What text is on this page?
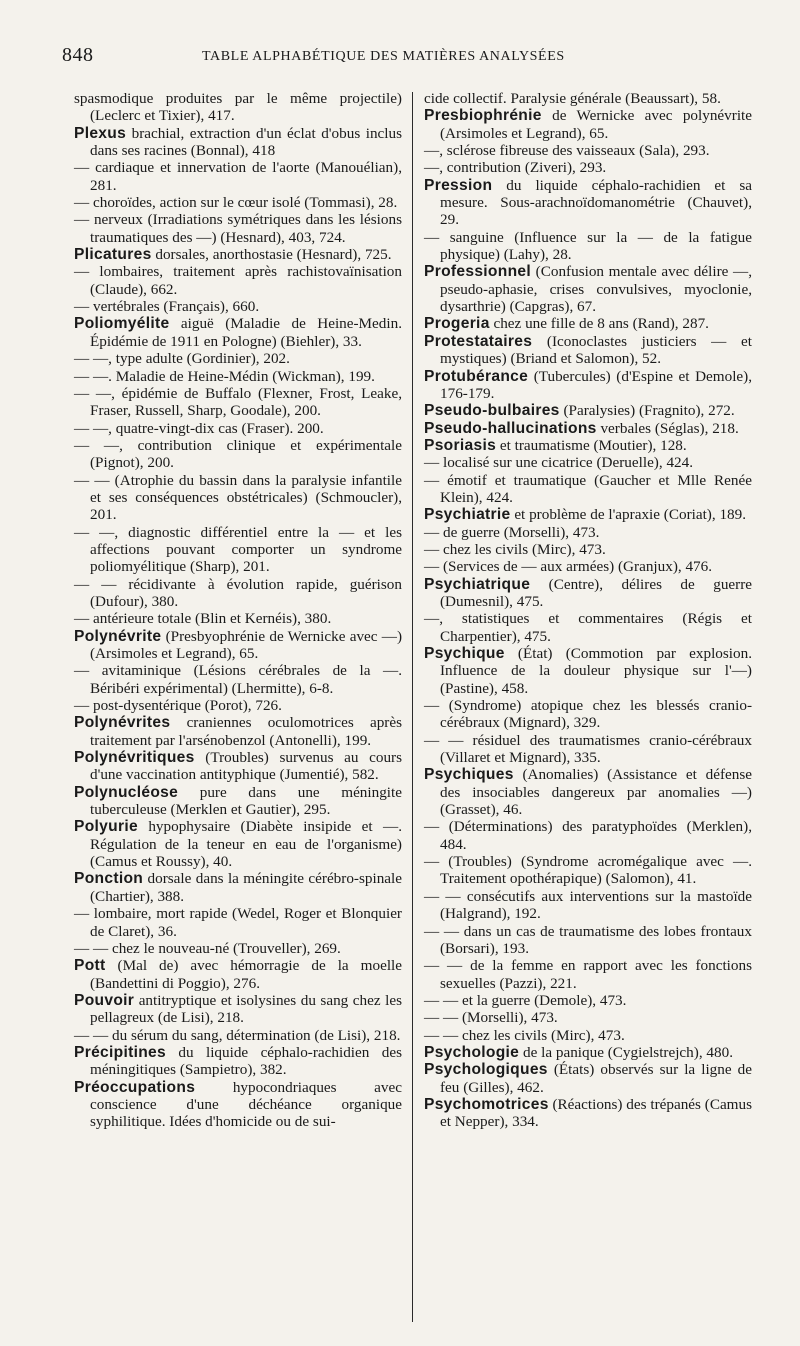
848	TABLE ALPHABÉTIQUE DES MATIÈRES ANALYSÉES

spasmodique produites par le même projectile) (Leclerc et Tixier), 417.

Plexus brachial, extraction d'un éclat d'obus inclus dans ses racines (Bonnal), 418

— cardiaque et innervation de l'aorte (Manouélian), 281.

— choroïdes, action sur le cœur isolé (Tommasi), 28.

— nerveux (Irradiations symétriques dans les lésions traumatiques des —) (Hesnard), 403, 724.

Plicatures dorsales, anorthostasie (Hesnard), 725.

— lombaires, traitement après rachistovaïnisation (Claude), 662.

— vertébrales (Français), 660.

Poliomyélite aiguë (Maladie de Heine-Medin. Épidémie de 1911 en Pologne) (Biehler), 33.

— —, type adulte (Gordinier), 202.

— —. Maladie de Heine-Médin (Wickman), 199.

— —, épidémie de Buffalo (Flexner, Frost, Leake, Fraser, Russell, Sharp, Goodale), 200.

— —, quatre-vingt-dix cas (Fraser). 200.

— —, contribution clinique et expérimentale (Pignot), 200.

— — (Atrophie du bassin dans la paralysie infantile et ses conséquences obstétricales) (Schmoucler), 201.

— —, diagnostic différentiel entre la — et les affections pouvant comporter un syndrome poliomyélitique (Sharp), 201.

— — récidivante à évolution rapide, guérison (Dufour), 380.

— antérieure totale (Blin et Kernéis), 380.

Polynévrite (Presbyophrénie de Wernicke avec —) (Arsimoles et Legrand), 65.

— avitaminique (Lésions cérébrales de la —. Béribéri expérimental) (Lhermitte), 6-8.

— post-dysentérique (Porot), 726.

Polynévrites craniennes oculomotrices après traitement par l'arsénobenzol (Antonelli), 199.

Polynévritiques (Troubles) survenus au cours d'une vaccination antityphique (Jumentié), 582.

Polynucléose pure dans une méningite tuberculeuse (Merklen et Gautier), 295.

Polyurie hypophysaire (Diabète insipide et —. Régulation de la teneur en eau de l'organisme) (Camus et Roussy), 40.

Ponction dorsale dans la méningite cérébro-spinale (Chartier), 388.

— lombaire, mort rapide (Wedel, Roger et Blonquier de Claret), 36.

— — chez le nouveau-né (Trouveller), 269.

Pott (Mal de) avec hémorragie de la moelle (Bandettini di Poggio), 276.

Pouvoir antitryptique et isolysines du sang chez les pellagreux (de Lisi), 218.

— — du sérum du sang, détermination (de Lisi), 218.

Précipitines du liquide céphalo-rachidien des méningitiques (Sampietro), 382.

Préoccupations hypocondriaques avec conscience d'une déchéance organique syphilitique. Idées d'homicide ou de sui-

cide collectif. Paralysie générale (Beaussart), 58.

Presbiophrénie de Wernicke avec polynévrite (Arsimoles et Legrand), 65.

—, sclérose fibreuse des vaisseaux (Sala), 293.

—, contribution (Ziveri), 293.

Pression du liquide céphalo-rachidien et sa mesure. Sous-arachnoïdomanométrie (Chauvet), 29.

— sanguine (Influence sur la — de la fatigue physique) (Lahy), 28.

Professionnel (Confusion mentale avec délire —, pseudo-aphasie, crises convulsives, myoclonie, dysarthrie) (Capgras), 67.

Progeria chez une fille de 8 ans (Rand), 287.

Protestataires (Iconoclastes justiciers — et mystiques) (Briand et Salomon), 52.

Protubérance (Tubercules) (d'Espine et Demole), 176-179.

Pseudo-bulbaires (Paralysies) (Fragnito), 272.

Pseudo-hallucinations verbales (Séglas), 218.

Psoriasis et traumatisme (Moutier), 128.

— localisé sur une cicatrice (Deruelle), 424.

— émotif et traumatique (Gaucher et Mlle Renée Klein), 424.

Psychiatrie et problème de l'apraxie (Coriat), 189.

— de guerre (Morselli), 473.

— chez les civils (Mirc), 473.

— (Services de — aux armées) (Granjux), 476.

Psychiatrique (Centre), délires de guerre (Dumesnil), 475.

—, statistiques et commentaires (Régis et Charpentier), 475.

Psychique (État) (Commotion par explosion. Influence de la douleur physique sur l'—) (Pastine), 458.

— (Syndrome) atopique chez les blessés cranio-cérébraux (Mignard), 329.

— — résiduel des traumatismes cranio-cérébraux (Villaret et Mignard), 335.

Psychiques (Anomalies) (Assistance et défense des insociables dangereux par anomalies —) (Grasset), 46.

— (Déterminations) des paratyphoïdes (Merklen), 484.

— (Troubles) (Syndrome acromégalique avec —. Traitement opothérapique) (Salomon), 41.

— — consécutifs aux interventions sur la mastoïde (Halgrand), 192.

— — dans un cas de traumatisme des lobes frontaux (Borsari), 193.

— — de la femme en rapport avec les fonctions sexuelles (Pazzi), 221.

— — et la guerre (Demole), 473.

— — (Morselli), 473.

— — chez les civils (Mirc), 473.

Psychologie de la panique (Cygielstrejch), 480.

Psychologiques (États) observés sur la ligne de feu (Gilles), 462.

Psychomotrices (Réactions) des trépanés (Camus et Nepper), 334.
